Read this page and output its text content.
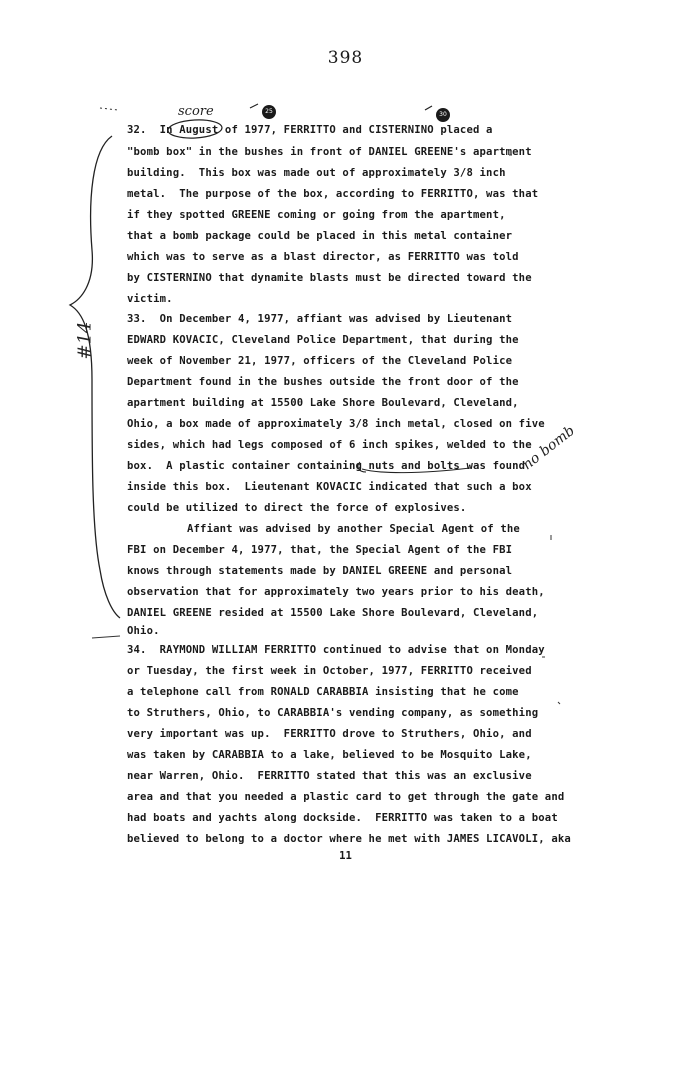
398
32.  In August of 1977, FERRITTO and CISTERNINO placed a
"bomb box" in the bushes in front of DANIEL GREENE's apartment
building.  This box was made out of approximately 3/8 inch
metal.  The purpose of the box, according to FERRITTO, was that
if they spotted GREENE coming or going from the apartment,
that a bomb package could be placed in this metal container
which was to serve as a blast director, as FERRITTO was told
by CISTERNINO that dynamite blasts must be directed toward the
victim.
33.  On December 4, 1977, affiant was advised by Lieutenant
EDWARD KOVACIC, Cleveland Police Department, that during the
week of November 21, 1977, officers of the Cleveland Police
Department found in the bushes outside the front door of the
apartment building at 15500 Lake Shore Boulevard, Cleveland,
Ohio, a box made of approximately 3/8 inch metal, closed on five
sides, which had legs composed of 6 inch spikes, welded to the
box.  A plastic container containing nuts and bolts was found
inside this box.  Lieutenant KOVACIC indicated that such a box
could be utilized to direct the force of explosives.
Affiant was advised by another Special Agent of the
FBI on December 4, 1977, that, the Special Agent of the FBI
knows through statements made by DANIEL GREENE and personal
observation that for approximately two years prior to his death,
DANIEL GREENE resided at 15500 Lake Shore Boulevard, Cleveland,
Ohio.
34.  RAYMOND WILLIAM FERRITTO continued to advise that on Monday
or Tuesday, the first week in October, 1977, FERRITTO received
a telephone call from RONALD CARABBIA insisting that he come
to Struthers, Ohio, to CARABBIA's vending company, as something
very important was up.  FERRITTO drove to Struthers, Ohio, and
was taken by CARABBIA to a lake, believed to be Mosquito Lake,
near Warren, Ohio.  FERRITTO stated that this was an exclusive
area and that you needed a plastic card to get through the gate and
had boats and yachts along dockside.  FERRITTO was taken to a boat
believed to belong to a doctor where he met with JAMES LICAVOLI, aka
11
score
#14
no bomb
25	30
